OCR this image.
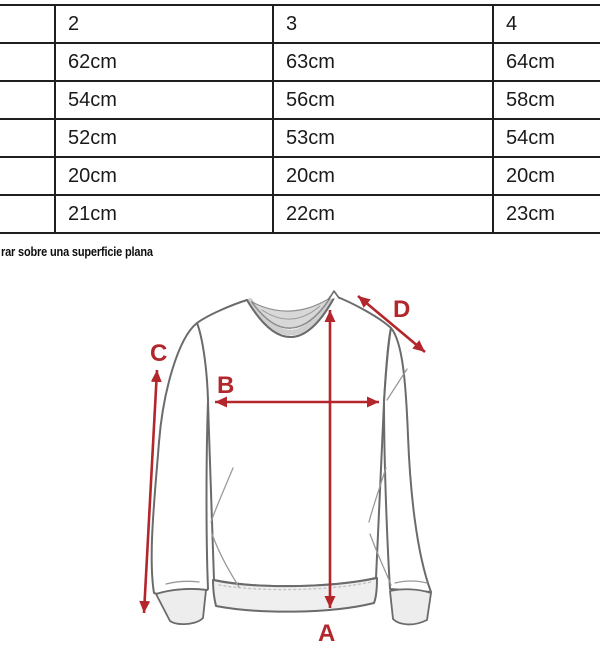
	2	3	4
	62cm	63cm	64cm
	54cm	56cm	58cm
	52cm	53cm	54cm
	20cm	20cm	20cm
	21cm	22cm	23cm
rar sobre una superficie plana
A
B
C
D
